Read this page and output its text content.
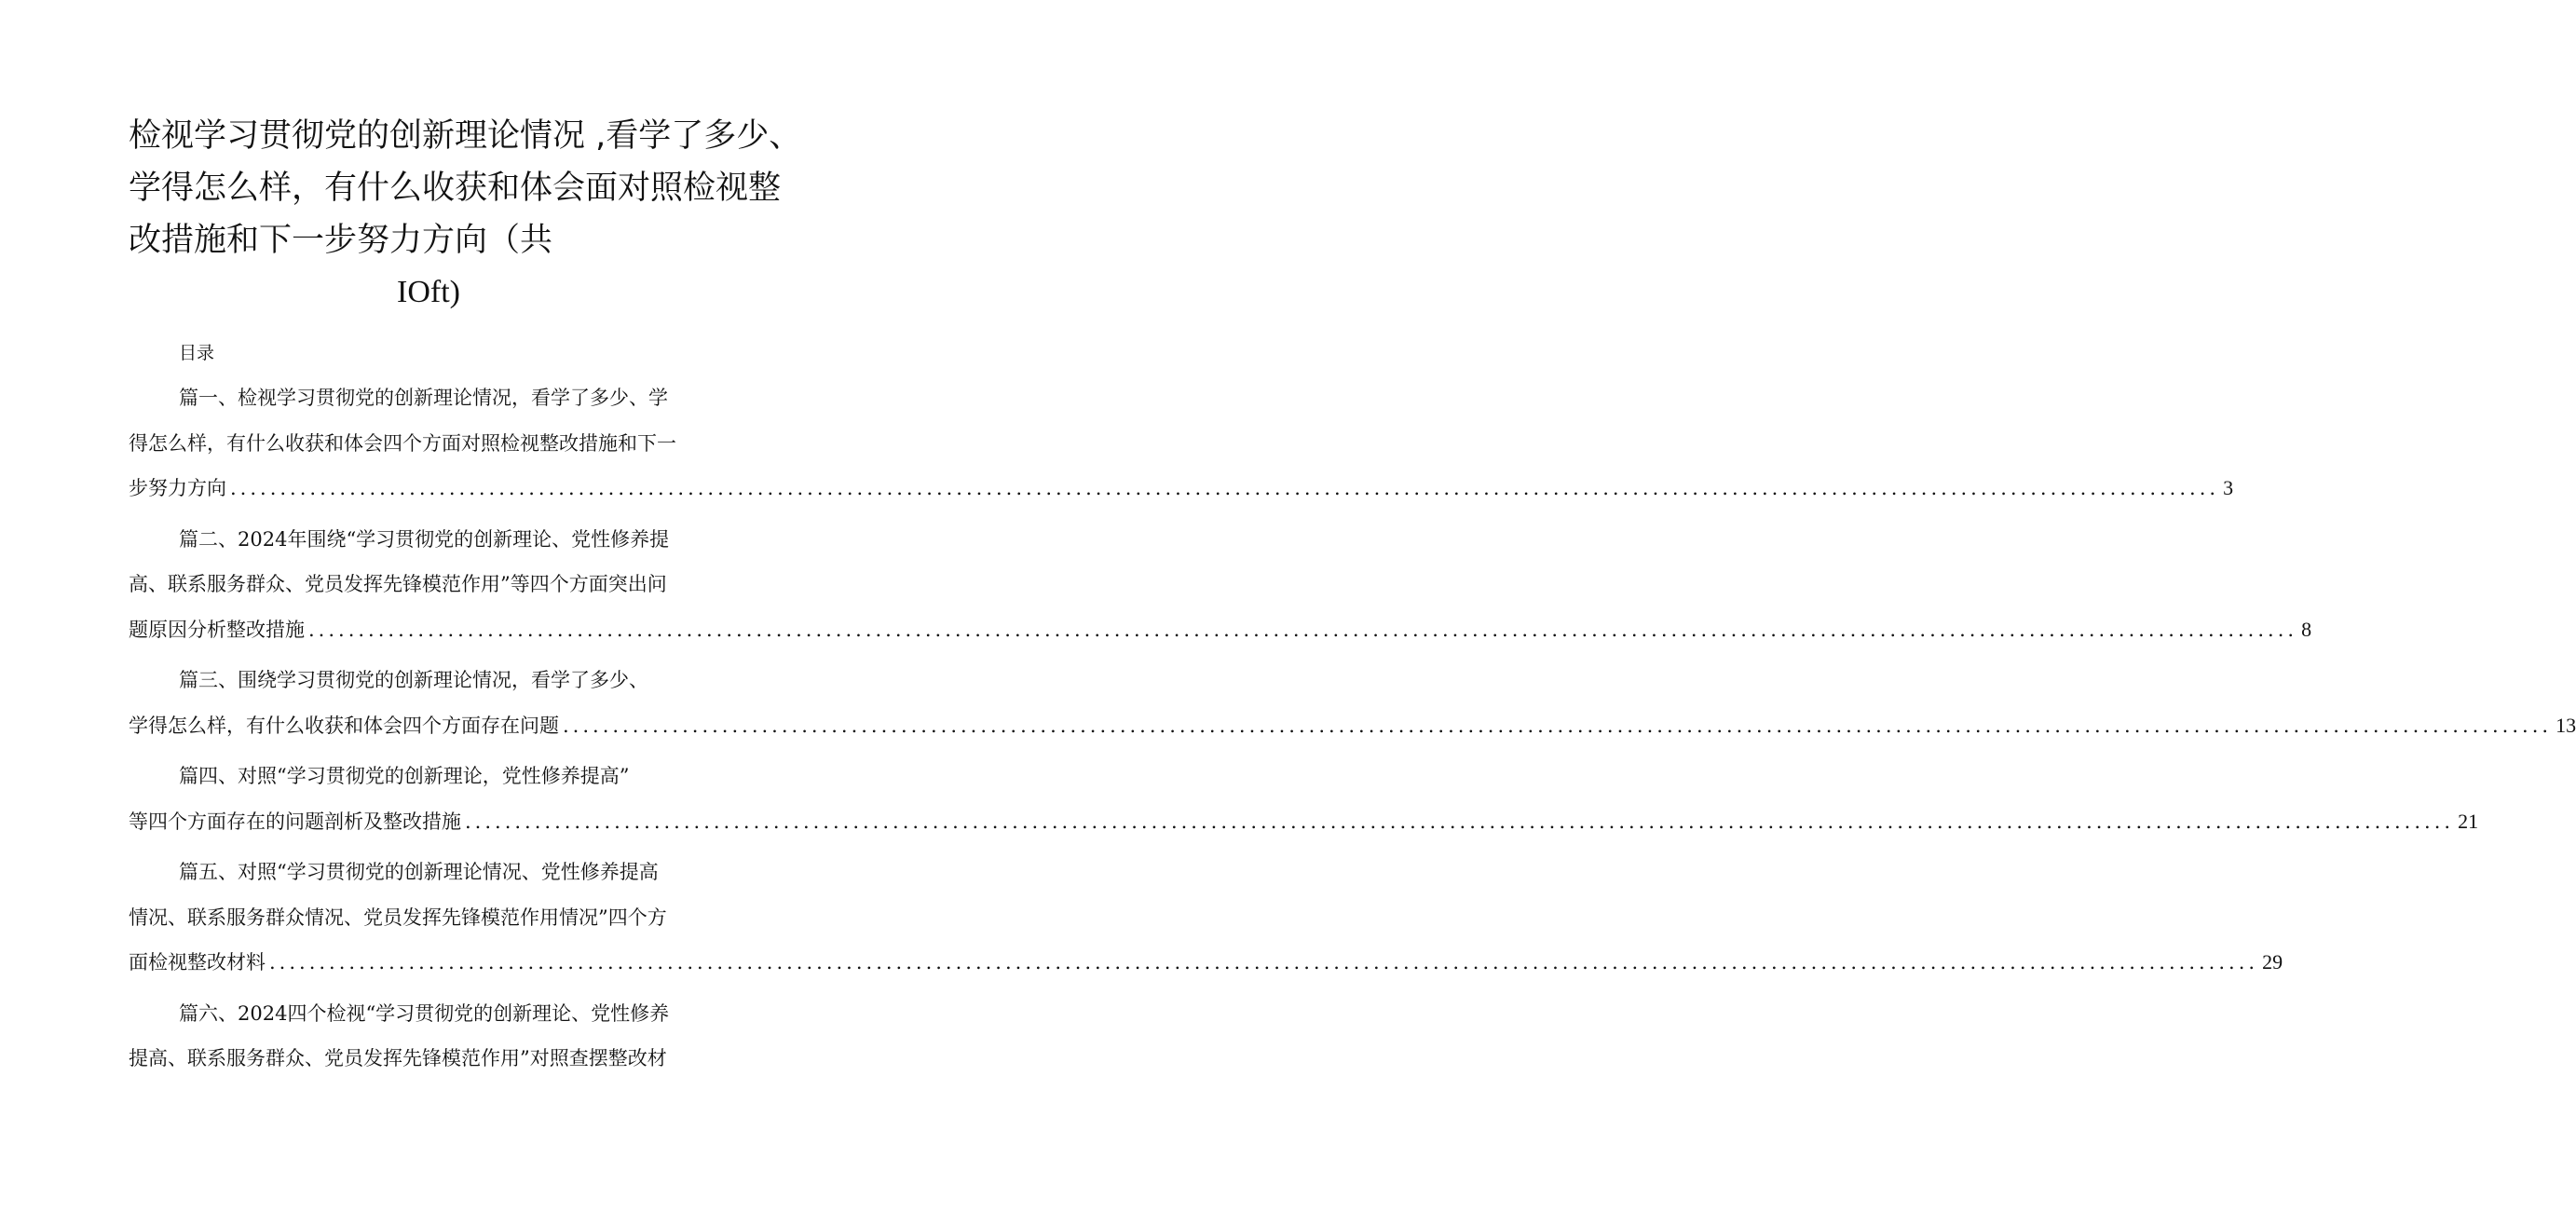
检视学习贯彻党的创新理论情况 ,看学了多少、
学得怎么样，有什么收获和体会面对照检视整
改措施和下一步努力方向（共
IOft)
目录
篇一、检视学习贯彻党的创新理论情况，看学了多少、学
得怎么样，有什么收获和体会四个方面对照检视整改措施和下一
步努力方向 ........................................................................................................................................................................................................ 3
篇二、2024年围绕“学习贯彻党的创新理论、党性修养提
高、联系服务群众、党员发挥先锋模范作用”等四个方面突出问
题原因分析整改措施 ........................................................................................................................................................................................................ 8
篇三、围绕学习贯彻党的创新理论情况，看学了多少、
学得怎么样，有什么收获和体会四个方面存在问题 ........................................................................................................................................................................................................ 13
篇四、对照“学习贯彻党的创新理论，党性修养提高”
等四个方面存在的问题剖析及整改措施 ........................................................................................................................................................................................................ 21
篇五、对照“学习贯彻党的创新理论情况、党性修养提高
情况、联系服务群众情况、党员发挥先锋模范作用情况”四个方
面检视整改材料 ........................................................................................................................................................................................................ 29
篇六、2024四个检视“学习贯彻党的创新理论、党性修养
提高、联系服务群众、党员发挥先锋模范作用”对照查摆整改材
